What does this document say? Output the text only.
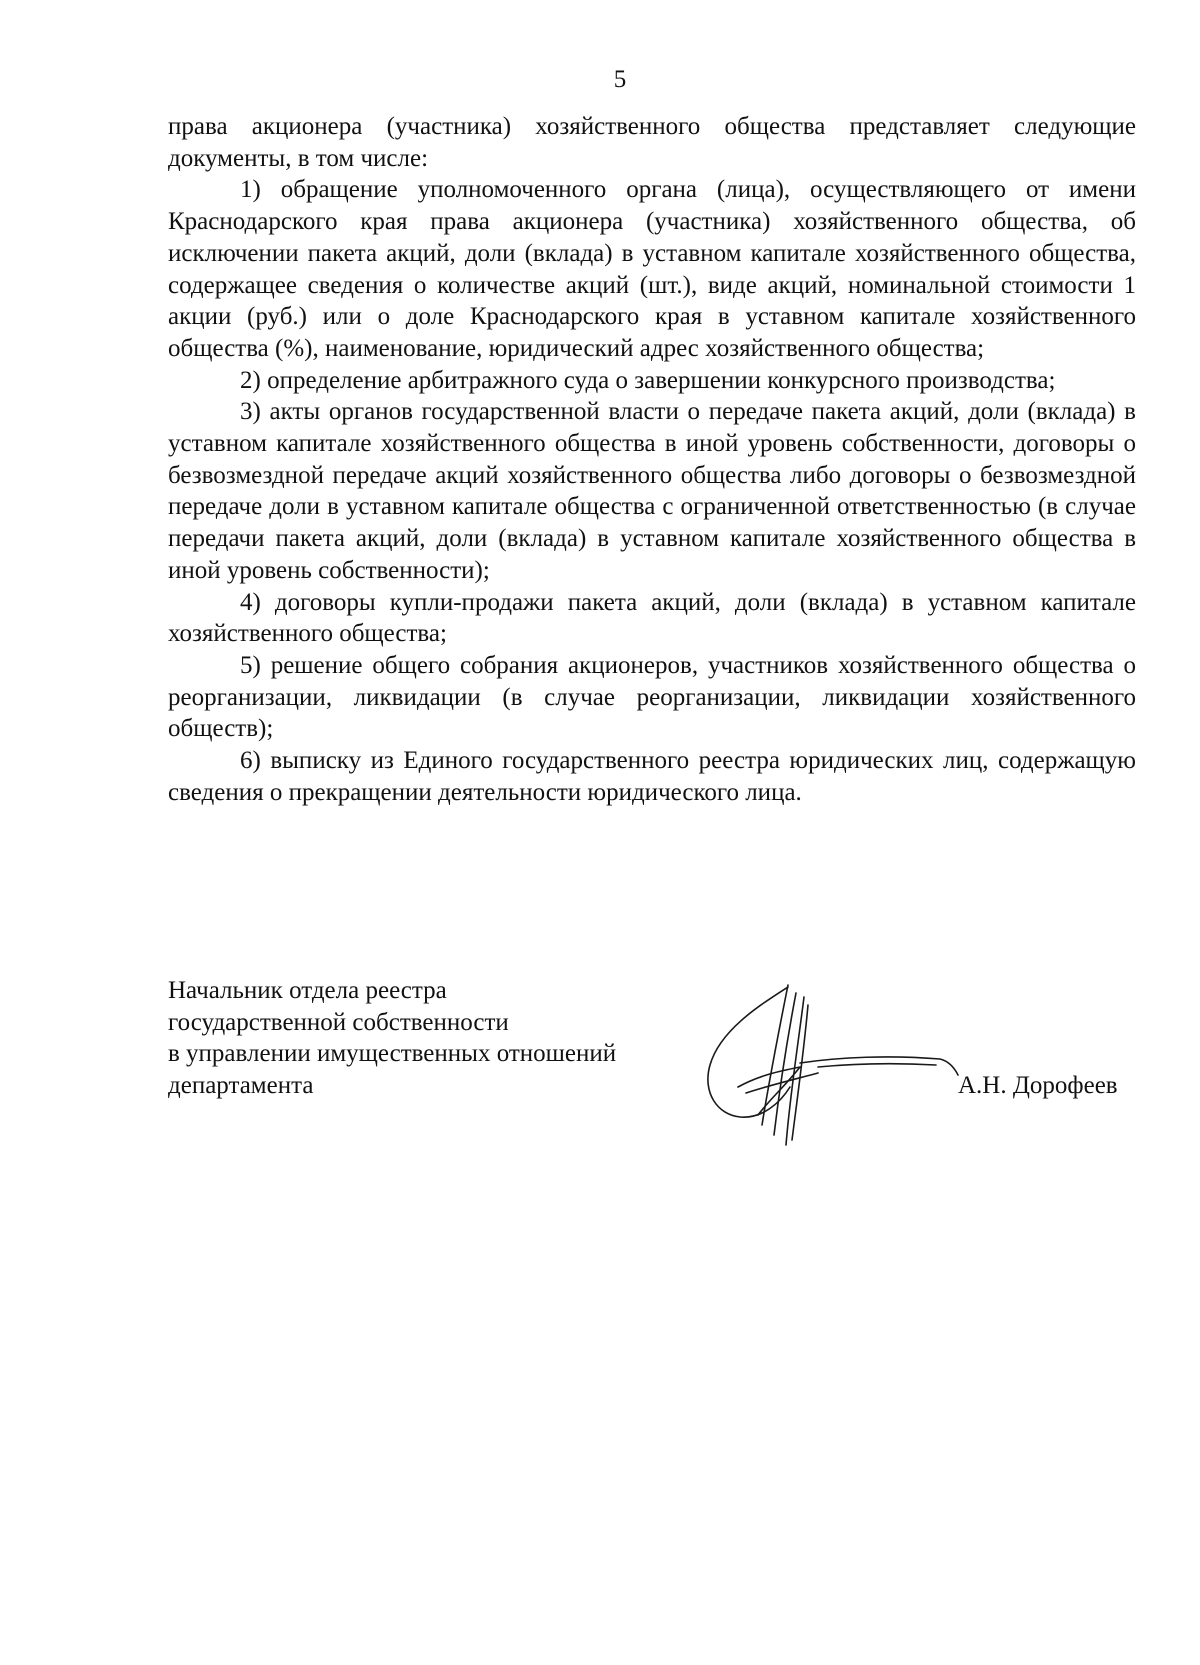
5

права акционера (участника) хозяйственного общества представляет следующие документы, в том числе:

1) обращение уполномоченного органа (лица), осуществляющего от имени Краснодарского края права акционера (участника) хозяйственного общества, об исключении пакета акций, доли (вклада) в уставном капитале хозяйственного общества, содержащее сведения о количестве акций (шт.), виде акций, номинальной стоимости 1 акции (руб.) или о доле Краснодарского края в уставном капитале хозяйственного общества (%), наименование, юридический адрес хозяйственного общества;

2) определение арбитражного суда о завершении конкурсного производства;

3) акты органов государственной власти о передаче пакета акций, доли (вклада) в уставном капитале хозяйственного общества в иной уровень собственности, договоры о безвозмездной передаче акций хозяйственного общества либо договоры о безвозмездной передаче доли в уставном капитале общества с ограниченной ответственностью (в случае передачи пакета акций, доли (вклада) в уставном капитале хозяйственного общества в иной уровень собственности);

4) договоры купли-продажи пакета акций, доли (вклада) в уставном капитале хозяйственного общества;

5) решение общего собрания акционеров, участников хозяйственного общества о реорганизации, ликвидации (в случае реорганизации, ликвидации хозяйственного обществ);

6) выписку из Единого государственного реестра юридических лиц, содержащую сведения о прекращении деятельности юридического лица.

Начальник отдела реестра
государственной собственности
в управлении имущественных отношений
департамента	А.Н. Дорофеев
